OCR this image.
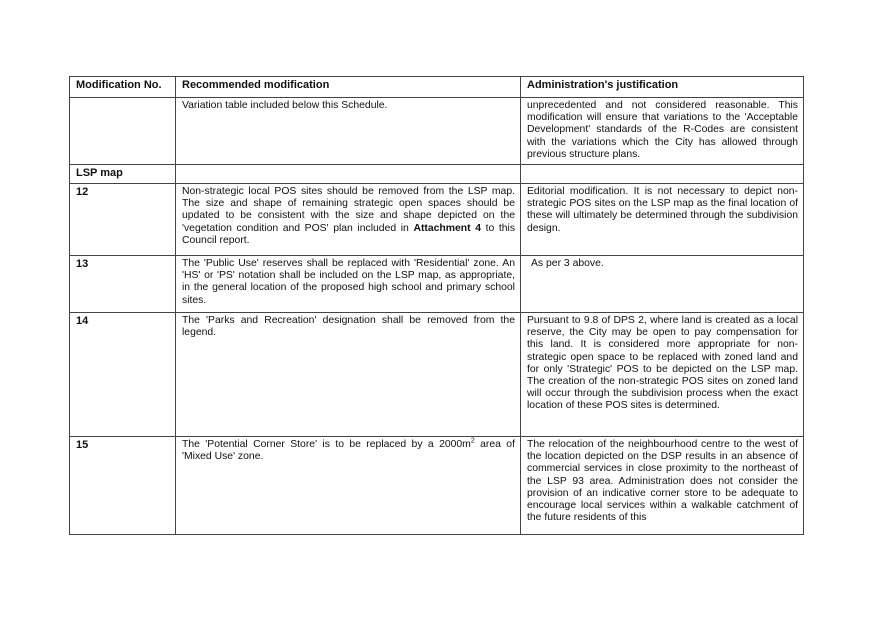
Modification No.	Recommended modification	Administration's justification
	Variation table included below this Schedule.	unprecedented and not considered reasonable. This modification will ensure that variations to the 'Acceptable Development' standards of the R-Codes are consistent with the variations which the City has allowed through previous structure plans.
LSP map		
12	Non-strategic local POS sites should be removed from the LSP map. The size and shape of remaining strategic open spaces should be updated to be consistent with the size and shape depicted on the 'vegetation condition and POS' plan included in Attachment 4 to this Council report.	Editorial modification. It is not necessary to depict non-strategic POS sites on the LSP map as the final location of these will ultimately be determined through the subdivision design.
13	The 'Public Use' reserves shall be replaced with 'Residential' zone. An 'HS' or 'PS' notation shall be included on the LSP map, as appropriate, in the general location of the proposed high school and primary school sites.	As per 3 above.
14	The 'Parks and Recreation' designation shall be removed from the legend.	Pursuant to 9.8 of DPS 2, where land is created as a local reserve, the City may be open to pay compensation for this land. It is considered more appropriate for non-strategic open space to be replaced with zoned land and for only 'Strategic' POS to be depicted on the LSP map. The creation of the non-strategic POS sites on zoned land will occur through the subdivision process when the exact location of these POS sites is determined.
15	The 'Potential Corner Store' is to be replaced by a $2000m^2$ area of 'Mixed Use' zone.	The relocation of the neighbourhood centre to the west of the location depicted on the DSP results in an absence of commercial services in close proximity to the northeast of the LSP 93 area. Administration does not consider the provision of an indicative corner store to be adequate to encourage local services within a walkable catchment of the future residents of this
